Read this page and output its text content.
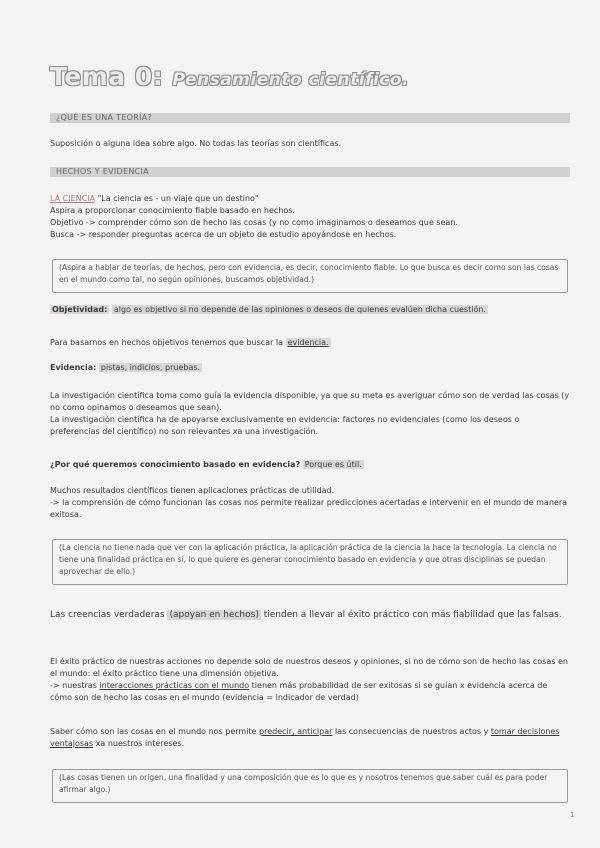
Tema 0: Pensamiento científico.
¿QUÉ ES UNA TEORÍA?
Suposición o alguna idea sobre algo. No todas las teorías son científicas.
HECHOS Y EVIDENCIA
LA CIENCIA "La ciencia es - un viaje que un destino"
Aspira a proporcionar conocimiento fiable basado en hechos.
Objetivo -> comprender cómo son de hecho las cosas (y no como imaginamos o deseamos que sean.
Busca -> responder preguntas acerca de un objeto de estudio apoyándose en hechos.
(Aspira a hablar de teorías, de hechos, pero con evidencia, es decir, conocimiento fiable. Lo que busca es decir como son las cosas en el mundo como tal, no según opiniones, buscamos objetividad.)
Objetividad: algo es objetivo si no depende de las opiniones o deseos de quienes evalúen dicha cuestión.
Para basarnos en hechos objetivos tenemos que buscar la evidencia.
Evidencia: pistas, indicios, pruebas.
La investigación científica toma como guía la evidencia disponible, ya que su meta es averiguar cómo son de verdad las cosas (y no como opinamos o deseamos que sean).
La investigación científica ha de apoyarse exclusivamente en evidencia: factores no evidenciales (como los deseos o preferencias del científico) no son relevantes xa una investigación.
¿Por qué queremos conocimiento basado en evidencia? Porque es útil.
Muchos resultados científicos tienen aplicaciones prácticas de utilidad.
-> la comprensión de cómo funcionan las cosas nos permite realizar predicciones acertadas e intervenir en el mundo de manera exitosa.
(La ciencia no tiene nada que ver con la aplicación práctica, la aplicación práctica de la ciencia la hace la tecnología. La ciencia no tiene una finalidad práctica en sí, lo que quiere es generar conocimiento basado en evidencia y que otras disciplinas se puedan aprovechar de ello.)
Las creencias verdaderas (apoyan en hechos) tienden a llevar al éxito práctico con más fiabilidad que las falsas.
El éxito práctico de nuestras acciones no depende solo de nuestros deseos y opiniones, si no de cómo son de hecho las cosas en el mundo: el éxito práctico tiene una dimensión objetiva.
-> nuestras interacciones prácticas con el mundo tienen más probabilidad de ser exitosas si se guían x evidencia acerca de cómo son de hecho las cosas en el mundo (evidencia = indicador de verdad)
Saber cómo son las cosas en el mundo nos permite predecir, anticipar las consecuencias de nuestros actos y tomar decisiones ventajosas xa nuestros intereses.
(Las cosas tienen un origen, una finalidad y una composición que es lo que es y nosotros tenemos que saber cuál es para poder afirmar algo.)
1
